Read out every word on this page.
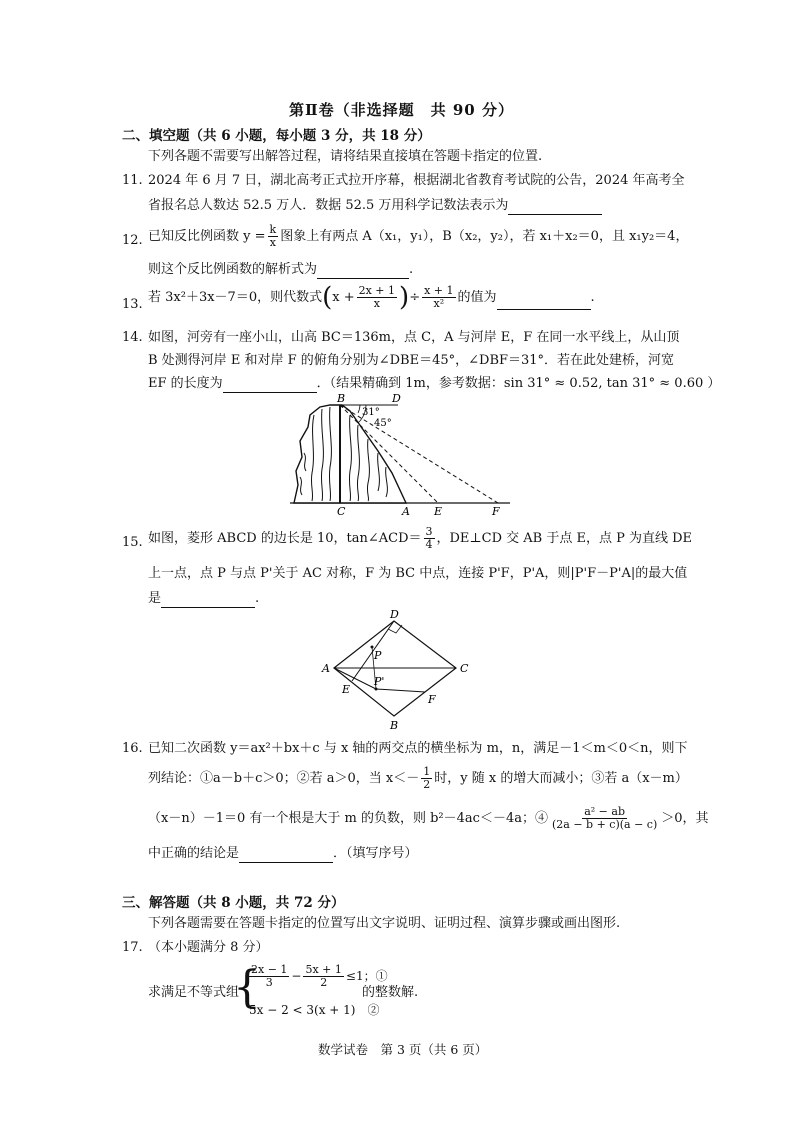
第Ⅱ卷（非选择题　共 90 分）
二、填空题（共 6 小题，每小题 3 分，共 18 分）
下列各题不需要写出解答过程，请将结果直接填在答题卡指定的位置.
11. 2024 年 6 月 7 日，湖北高考正式拉开序幕，根据湖北省教育考试院的公告，2024 年高考全
省报名总人数达 52.5 万人．数据 52.5 万用科学记数法表示为
12. 已知反比例函数 $y = \frac{k}{x}$ 图象上有两点 A（x₁，y₁），B（x₂，y₂），若 x₁＋x₂＝0，且 x₁y₂＝4，
则这个反比例函数的解析式为	.
13. 若 3x²＋3x－7＝0，则代数式($x + \frac{2x + 1}{x}$ )÷ $\frac{x + 1}{\text{x²}}$ 的值为	.
14. 如图，河旁有一座小山，山高 BC＝136m，点 C，A 与河岸 E，F 在同一水平线上，从山顶
B 处测得河岸 E 和对岸 F 的俯角分别为∠DBE＝45°，∠DBF＝31°．若在此处建桥，河宽
EF 的长度为	．（结果精确到 1m，参考数据：sin 31° ≈ 0.52, tan 31° ≈ 0.60 ）
B	D
31°
45°
C	A E	F
15. 如图，菱形 ABCD 的边长是 10，tan∠ACD＝ $\frac{3}{4}$ ，DE⊥CD 交 AB 于点 E，点 P 为直线 DE
上一点，点 P 与点 P'关于 AC 对称，F 为 BC 中点，连接 P'F，P'A，则|P'F－P'A|的最大值
是	.
D
A	C
B
P
E
P'
F
16. 已知二次函数 y＝ax²＋bx＋c 与 x 轴的两交点的横坐标为 m，n，满足－1＜m＜0＜n，则下
列结论：①a－b＋c＞0；②若 a＞0，当 $x<- \frac{1}{2}$ 时，y 随 x 的增大而减小；③若 a（x－m）
（x－n）－1＝0 有一个根是大于 m 的负数，则 b²－4ac＜－4a；④ $\frac{\text{a² − ab}}{(2a - b + c)(a - c)} >0$，其
中正确的结论是	．（填写序号）
三、解答题（共 8 小题，共 72 分）
下列各题需要在答题卡指定的位置写出文字说明、证明过程、演算步骤或画出图形.
17. （本小题满分 8 分）
求满足不等式组
{
$\frac{2x - 1}{3} - \frac{5x + 1}{2} \le 1$；①
5x − 2 < 3(x + 1)　②
的整数解.
数学试卷　第 3 页（共 6 页）
